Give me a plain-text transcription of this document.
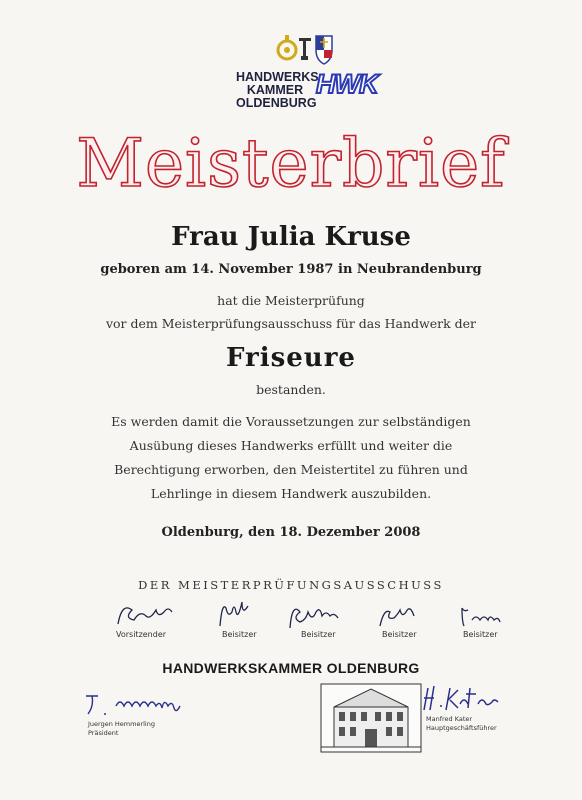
HANDWERKS
KAMMER
OLDENBURG
HWK
Meisterbrief
Frau Julia Kruse
geboren am 14. November 1987 in Neubrandenburg
hat die Meisterprüfung
vor dem Meisterprüfungsausschuss für das Handwerk der
Friseure
bestanden.
Es werden damit die Voraussetzungen zur selbständigen
Ausübung dieses Handwerks erfüllt und weiter die
Berechtigung erworben, den Meistertitel zu führen und
Lehrlinge in diesem Handwerk auszubilden.
Oldenburg, den 18. Dezember 2008
DER MEISTERPRÜFUNGSAUSSCHUSS
Vorsitzender	Beisitzer	Beisitzer	Beisitzer	Beisitzer
HANDWERKSKAMMER OLDENBURG
Juergen Hemmerling
Präsident
Manfred Kater
Hauptgeschäftsführer
